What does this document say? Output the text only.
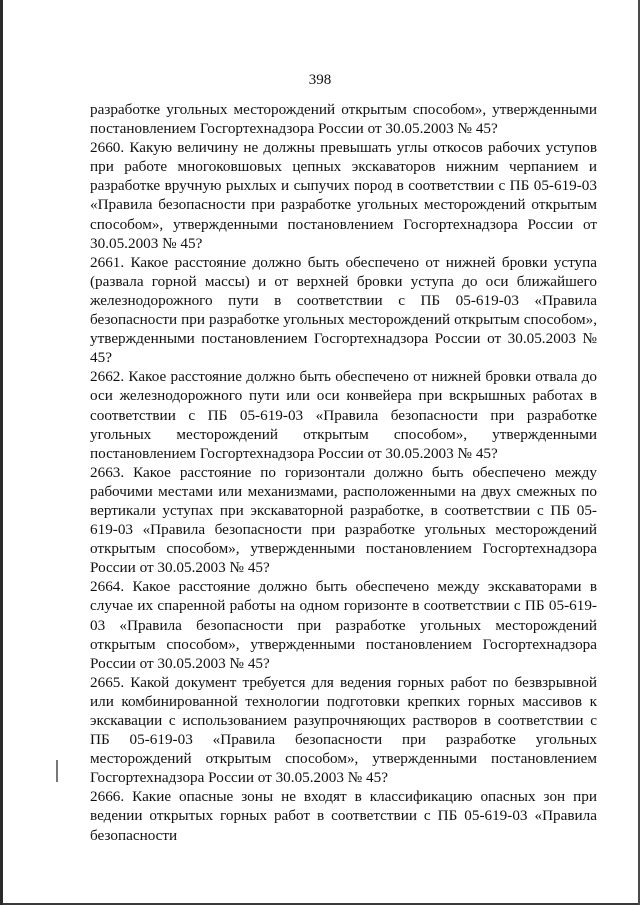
398

разработке угольных месторождений открытым способом», утвержденными постановлением Госгортехнадзора России от 30.05.2003 № 45?

2660. Какую величину не должны превышать углы откосов рабочих уступов при работе многоковшовых цепных экскаваторов нижним черпанием и разработке вручную рыхлых и сыпучих пород в соответствии с ПБ 05-619-03 «Правила безопасности при разработке угольных месторождений открытым способом», утвержденными постановлением Госгортехнадзора России от 30.05.2003 № 45?

2661. Какое расстояние должно быть обеспечено от нижней бровки уступа (развала горной массы) и от верхней бровки уступа до оси ближайшего железнодорожного пути в соответствии с ПБ 05-619-03 «Правила безопасности при разработке угольных месторождений открытым способом», утвержденными постановлением Госгортехнадзора России от 30.05.2003 № 45?

2662. Какое расстояние должно быть обеспечено от нижней бровки отвала до оси железнодорожного пути или оси конвейера при вскрышных работах в соответствии с ПБ 05-619-03 «Правила безопасности при разработке угольных месторождений открытым способом», утвержденными постановлением Госгортехнадзора России от 30.05.2003 № 45?

2663. Какое расстояние по горизонтали должно быть обеспечено между рабочими местами или механизмами, расположенными на двух смежных по вертикали уступах при экскаваторной разработке, в соответствии с ПБ 05-619-03 «Правила безопасности при разработке угольных месторождений открытым способом», утвержденными постановлением Госгортехнадзора России от 30.05.2003 № 45?

2664. Какое расстояние должно быть обеспечено между экскаваторами в случае их спаренной работы на одном горизонте в соответствии с ПБ 05-619-03 «Правила безопасности при разработке угольных месторождений открытым способом», утвержденными постановлением Госгортехнадзора России от 30.05.2003 № 45?

2665. Какой документ требуется для ведения горных работ по безвзрывной или комбинированной технологии подготовки крепких горных массивов к экскавации с использованием разупрочняющих растворов в соответствии с ПБ 05-619-03 «Правила безопасности при разработке угольных месторождений открытым способом», утвержденными постановлением Госгортехнадзора России от 30.05.2003 № 45?

2666. Какие опасные зоны не входят в классификацию опасных зон при ведении открытых горных работ в соответствии с ПБ 05-619-03 «Правила безопасности
